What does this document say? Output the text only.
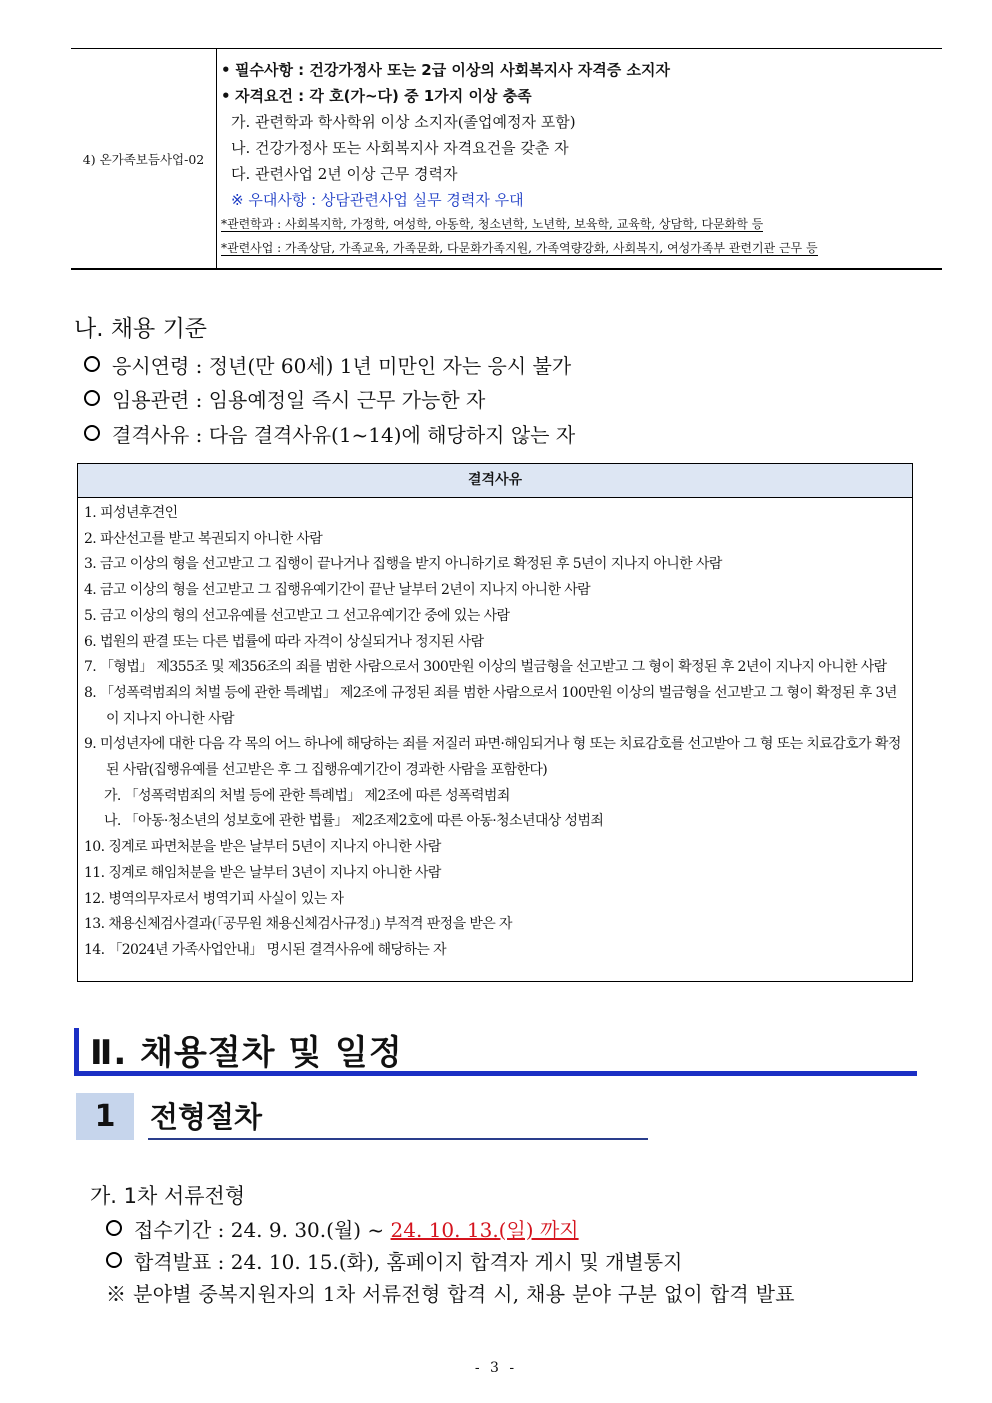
4) 온가족보듬사업-02
• 필수사항 : 건강가정사 또는 2급 이상의 사회복지사 자격증 소지자
• 자격요건 : 각 호(가~다) 중 1가지 이상 충족
가. 관련학과 학사학위 이상 소지자(졸업예정자 포함)
나. 건강가정사 또는 사회복지사 자격요건을 갖춘 자
다. 관련사업 2년 이상 근무 경력자
※ 우대사항 : 상담관련사업 실무 경력자 우대
*관련학과 : 사회복지학, 가정학, 여성학, 아동학, 청소년학, 노년학, 보육학, 교육학, 상담학, 다문화학 등
*관련사업 : 가족상담, 가족교육, 가족문화, 다문화가족지원, 가족역량강화, 사회복지, 여성가족부 관련기관 근무 등
나. 채용 기준
응시연령 : 정년(만 60세) 1년 미만인 자는 응시 불가
임용관련 : 임용예정일 즉시 근무 가능한 자
결격사유 : 다음 결격사유(1~14)에 해당하지 않는 자
결격사유
1. 피성년후견인
2. 파산선고를 받고 복권되지 아니한 사람
3. 금고 이상의 형을 선고받고 그 집행이 끝나거나 집행을 받지 아니하기로 확정된 후 5년이 지나지 아니한 사람
4. 금고 이상의 형을 선고받고 그 집행유예기간이 끝난 날부터 2년이 지나지 아니한 사람
5. 금고 이상의 형의 선고유예를 선고받고 그 선고유예기간 중에 있는 사람
6. 법원의 판결 또는 다른 법률에 따라 자격이 상실되거나 정지된 사람
7. 「형법」 제355조 및 제356조의 죄를 범한 사람으로서 300만원 이상의 벌금형을 선고받고 그 형이 확정된 후 2년이 지나지 아니한 사람
8. 「성폭력범죄의 처벌 등에 관한 특례법」 제2조에 규정된 죄를 범한 사람으로서 100만원 이상의 벌금형을 선고받고 그 형이 확정된 후 3년이 지나지 아니한 사람
9. 미성년자에 대한 다음 각 목의 어느 하나에 해당하는 죄를 저질러 파면·해임되거나 형 또는 치료감호를 선고받아 그 형 또는 치료감호가 확정된 사람(집행유예를 선고받은 후 그 집행유예기간이 경과한 사람을 포함한다)
가. 「성폭력범죄의 처벌 등에 관한 특례법」 제2조에 따른 성폭력범죄
나. 「아동·청소년의 성보호에 관한 법률」 제2조제2호에 따른 아동·청소년대상 성범죄
10. 징계로 파면처분을 받은 날부터 5년이 지나지 아니한 사람
11. 징계로 해임처분을 받은 날부터 3년이 지나지 아니한 사람
12. 병역의무자로서 병역기피 사실이 있는 자
13. 채용신체검사결과(「공무원 채용신체검사규정」) 부적격 판정을 받은 자
14. 「2024년 가족사업안내」 명시된 결격사유에 해당하는 자
Ⅱ. 채용절차 및 일정
1	전형절차
가. 1차 서류전형
접수기간 : 24. 9. 30.(월) ~ 24. 10. 13.(일) 까지
합격발표 : 24. 10. 15.(화), 홈페이지 합격자 게시 및 개별통지
※ 분야별 중복지원자의 1차 서류전형 합격 시, 채용 분야 구분 없이 합격 발표
- 3 -
